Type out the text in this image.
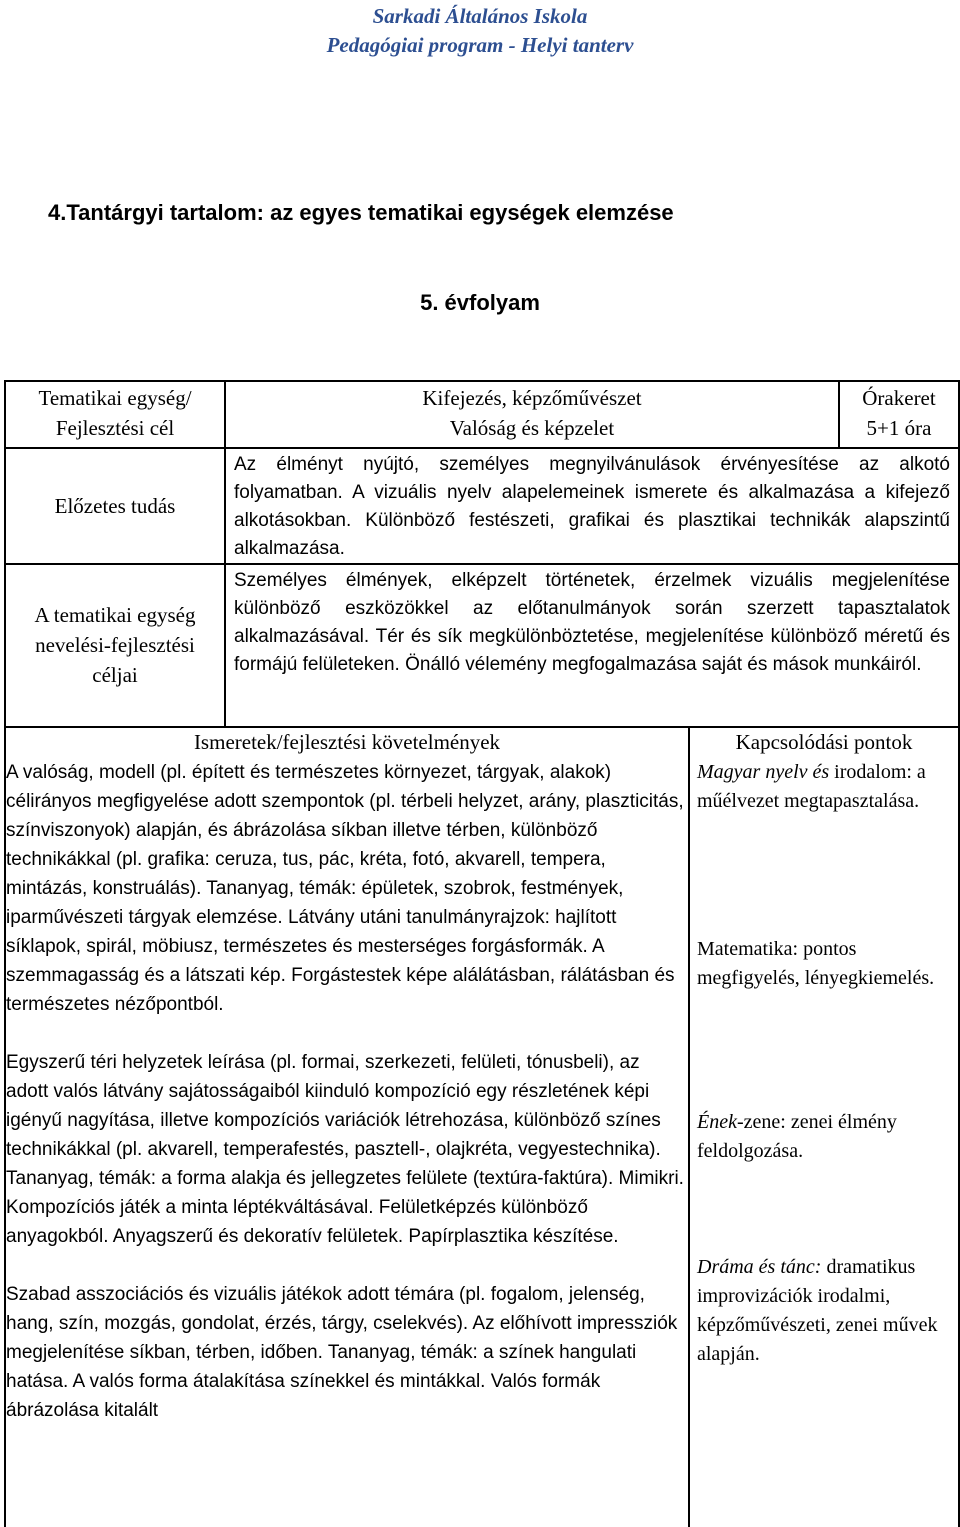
Sarkadi Általános Iskola
Pedagógiai program - Helyi tanterv
4.Tantárgyi tartalom: az egyes tematikai egységek elemzése
5. évfolyam
Tematikai egység/
Fejlesztési cél
Kifejezés, képzőművészet
Valóság és képzelet
Órakeret
5+1 óra
Előzetes tudás
Az élményt nyújtó, személyes megnyilvánulások érvényesítése az alkotó folyamatban. A vizuális nyelv alapelemeinek ismerete és alkalmazása a kifejező alkotásokban. Különböző festészeti, grafikai és plasztikai technikák alapszintű alkalmazása.
A tematikai egység
nevelési-fejlesztési
céljai
Személyes élmények, elképzelt történetek, érzelmek vizuális megjelenítése különböző eszközökkel az előtanulmányok során szerzett tapasztalatok alkalmazásával. Tér és sík megkülönböztetése, megjelenítése különböző méretű és formájú felületeken. Önálló vélemény megfogalmazása saját és mások munkáiról.
Ismeretek/fejlesztési követelmények	Kapcsolódási pontok

A valóság, modell (pl. épített és természetes környezet, tárgyak, alakok) célirányos megfigyelése adott szempontok (pl. térbeli helyzet, arány, plaszticitás, színviszonyok) alapján, és ábrázolása síkban illetve térben, különböző technikákkal (pl. grafika: ceruza, tus, pác, kréta, fotó, akvarell, tempera, mintázás, konstruálás). Tananyag, témák: épületek, szobrok, festmények, iparművészeti tárgyak elemzése. Látvány utáni tanulmányrajzok: hajlított síklapok, spirál, möbiusz, természetes és mesterséges forgásformák. A szemmagasság és a látszati kép. Forgástestek képe alálátásban, rálátásban és természetes nézőpontból.

Egyszerű téri helyzetek leírása (pl. formai, szerkezeti, felületi, tónusbeli), az adott valós látvány sajátosságaiból kiinduló kompozíció egy részletének képi igényű nagyítása, illetve kompozíciós variációk létrehozása, különböző színes technikákkal (pl. akvarell, temperafestés, pasztell-, olajkréta, vegyestechnika). Tananyag, témák: a forma alakja és jellegzetes felülete (textúra-faktúra). Mimikri. Kompozíciós játék a minta léptékváltásával. Felületképzés különböző anyagokból. Anyagszerű és dekoratív felületek. Papírplasztika készítése.

Szabad asszociációs és vizuális játékok adott témára (pl. fogalom, jelenség, hang, szín, mozgás, gondolat, érzés, tárgy, cselekvés). Az előhívott impressziók megjelenítése síkban, térben, időben. Tananyag, témák: a színek hangulati hatása. A valós forma átalakítása színekkel és mintákkal. Valós formák ábrázolása kitalált

Magyar nyelv és irodalom: a műélvezet megtapasztalása.

Matematika: pontos megfigyelés, lényegkiemelés.

Ének-zene: zenei élmény feldolgozása.

Dráma és tánc: dramatikus improvizációk irodalmi, képzőművészeti, zenei művek alapján.
